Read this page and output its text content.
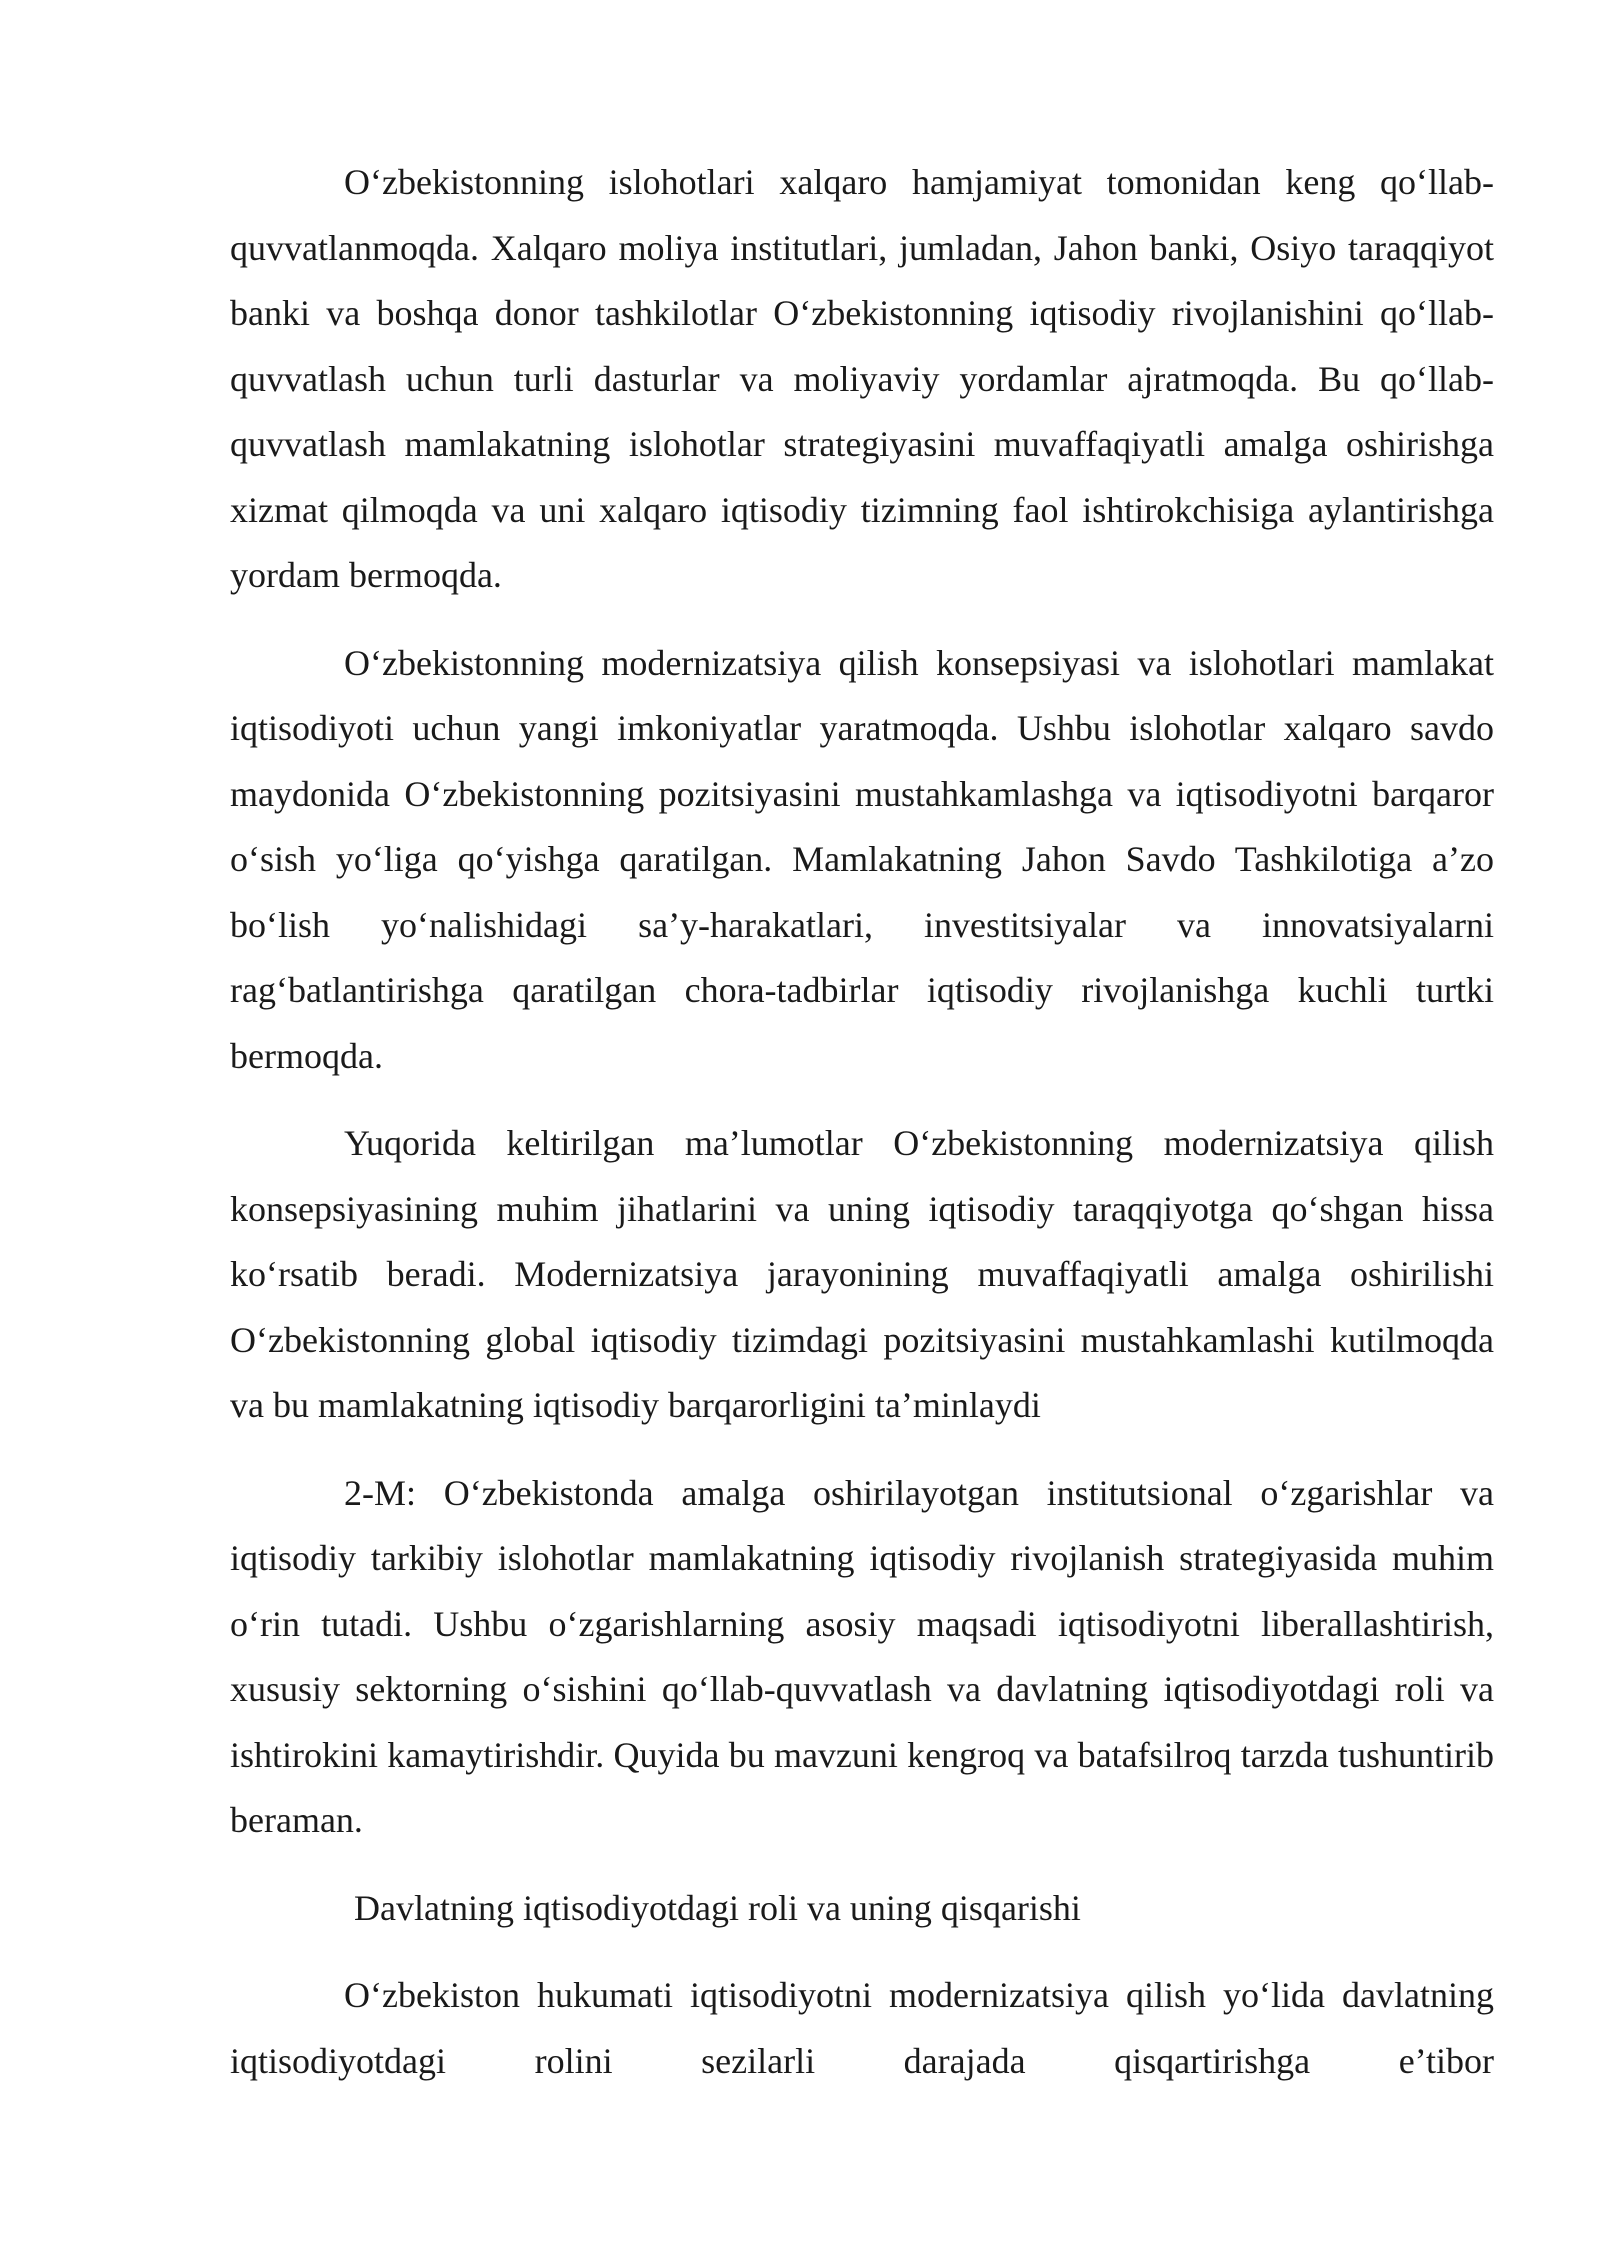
O‘zbekistonning islohotlari xalqaro hamjamiyat tomonidan keng qo‘llab-quvvatlanmoqda. Xalqaro moliya institutlari, jumladan, Jahon banki, Osiyo taraqqiyot banki va boshqa donor tashkilotlar O‘zbekistonning iqtisodiy rivojlanishini qo‘llab-quvvatlash uchun turli dasturlar va moliyaviy yordamlar ajratmoqda. Bu qo‘llab-quvvatlash mamlakatning islohotlar strategiyasini muvaffaqiyatli amalga oshirishga xizmat qilmoqda va uni xalqaro iqtisodiy tizimning faol ishtirokchisiga aylantirishga yordam bermoqda.

O‘zbekistonning modernizatsiya qilish konsepsiyasi va islohotlari mamlakat iqtisodiyoti uchun yangi imkoniyatlar yaratmoqda. Ushbu islohotlar xalqaro savdo maydonida O‘zbekistonning pozitsiyasini mustahkamlashga va iqtisodiyotni barqaror o‘sish yo‘liga qo‘yishga qaratilgan. Mamlakatning Jahon Savdo Tashkilotiga a’zo bo‘lish yo‘nalishidagi sa’y-harakatlari, investitsiyalar va innovatsiyalarni rag‘batlantirishga qaratilgan chora-tadbirlar iqtisodiy rivojlanishga kuchli turtki bermoqda.

Yuqorida keltirilgan ma’lumotlar O‘zbekistonning modernizatsiya qilish konsepsiyasining muhim jihatlarini va uning iqtisodiy taraqqiyotga qo‘shgan hissa ko‘rsatib beradi. Modernizatsiya jarayonining muvaffaqiyatli amalga oshirilishi O‘zbekistonning global iqtisodiy tizimdagi pozitsiyasini mustahkamlashi kutilmoqda va bu mamlakatning iqtisodiy barqarorligini ta’minlaydi

2-M: O‘zbekistonda amalga oshirilayotgan institutsional o‘zgarishlar va iqtisodiy tarkibiy islohotlar mamlakatning iqtisodiy rivojlanish strategiyasida muhim o‘rin tutadi. Ushbu o‘zgarishlarning asosiy maqsadi iqtisodiyotni liberallashtirish, xususiy sektorning o‘sishini qo‘llab-quvvatlash va davlatning iqtisodiyotdagi roli va ishtirokini kamaytirishdir. Quyida bu mavzuni kengroq va batafsilroq tarzda tushuntirib beraman.

Davlatning iqtisodiyotdagi roli va uning qisqarishi

O‘zbekiston hukumati iqtisodiyotni modernizatsiya qilish yo‘lida davlatning iqtisodiyotdagi rolini sezilarli darajada qisqartirishga e’tibor
